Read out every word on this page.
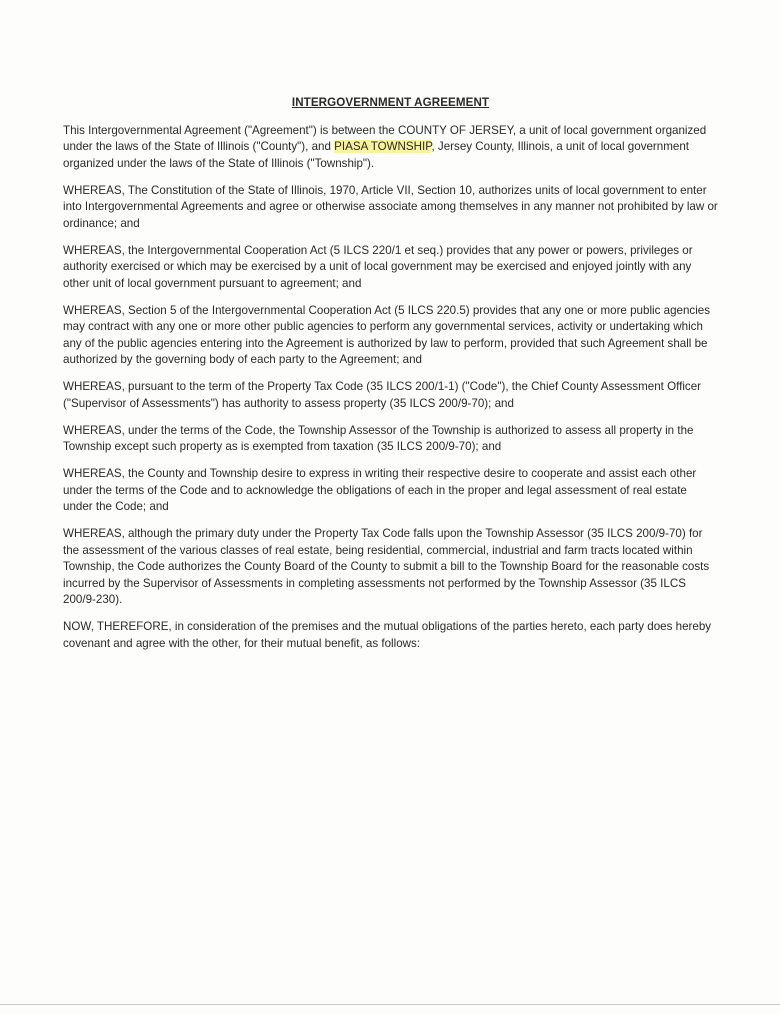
INTERGOVERNMENT AGREEMENT

This Intergovernmental Agreement ("Agreement") is between the COUNTY OF JERSEY, a unit of local government organized under the laws of the State of Illinois ("County"), and PIASA TOWNSHIP, Jersey County, Illinois, a unit of local government organized under the laws of the State of Illinois ("Township").

WHEREAS, The Constitution of the State of Illinois, 1970, Article VII, Section 10, authorizes units of local government to enter into Intergovernmental Agreements and agree or otherwise associate among themselves in any manner not prohibited by law or ordinance; and

WHEREAS, the Intergovernmental Cooperation Act (5 ILCS 220/1 et seq.) provides that any power or powers, privileges or authority exercised or which may be exercised by a unit of local government may be exercised and enjoyed jointly with any other unit of local government pursuant to agreement; and

WHEREAS, Section 5 of the Intergovernmental Cooperation Act (5 ILCS 220.5) provides that any one or more public agencies may contract with any one or more other public agencies to perform any governmental services, activity or undertaking which any of the public agencies entering into the Agreement is authorized by law to perform, provided that such Agreement shall be authorized by the governing body of each party to the Agreement; and

WHEREAS, pursuant to the term of the Property Tax Code (35 ILCS 200/1-1) ("Code"), the Chief County Assessment Officer ("Supervisor of Assessments") has authority to assess property (35 ILCS 200/9-70); and

WHEREAS, under the terms of the Code, the Township Assessor of the Township is authorized to assess all property in the Township except such property as is exempted from taxation (35 ILCS 200/9-70); and

WHEREAS, the County and Township desire to express in writing their respective desire to cooperate and assist each other under the terms of the Code and to acknowledge the obligations of each in the proper and legal assessment of real estate under the Code; and

WHEREAS, although the primary duty under the Property Tax Code falls upon the Township Assessor (35 ILCS 200/9-70) for the assessment of the various classes of real estate, being residential, commercial, industrial and farm tracts located within Township, the Code authorizes the County Board of the County to submit a bill to the Township Board for the reasonable costs incurred by the Supervisor of Assessments in completing assessments not performed by the Township Assessor (35 ILCS 200/9-230).

NOW, THEREFORE, in consideration of the premises and the mutual obligations of the parties hereto, each party does hereby covenant and agree with the other, for their mutual benefit, as follows:
